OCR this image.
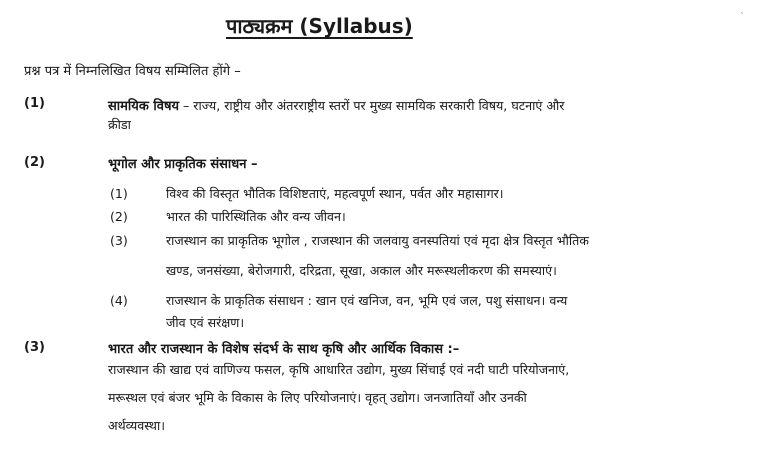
`
पाठ्यक्रम (Syllabus)
प्रश्न पत्र में निम्नलिखित विषय सम्मिलित होंगे –
(1)	सामयिक विषय – राज्य, राष्ट्रीय और अंतरराष्ट्रीय स्तरों पर मुख्य सामयिक सरकारी विषय, घटनाएं और
क्रीडा
(2)	भूगोल और प्राकृतिक संसाधन –
(1)	विश्व की विस्तृत भौतिक विशिष्टताएं, महत्वपूर्ण स्थान, पर्वत और महासागर।
(2)	भारत की पारिस्थितिक और वन्य जीवन।
(3)	राजस्थान का प्राकृतिक भूगोल , राजस्थान की जलवायु वनस्पतियां एवं मृदा क्षेत्र विस्तृत भौतिक
खण्ड, जनसंख्या, बेरोजगारी, दरिद्रता, सूखा, अकाल और मरूस्थलीकरण की समस्याएं।
(4)	राजस्थान के प्राकृतिक संसाधन : खान एवं खनिज, वन, भूमि एवं जल, पशु संसाधन। वन्य
जीव एवं सरंक्षण।
(3)	भारत और राजस्थान के विशेष संदर्भ के साथ कृषि और आर्थिक विकास :–
राजस्थान की खाद्य एवं वाणिज्य फसल, कृषि आधारित उद्योग, मुख्य सिंचाई एवं नदी घाटी परियोजनाएं,
मरूस्थल एवं बंजर भूमि के विकास के लिए परियोजनाएं। वृहत् उद्योग। जनजातियाँ और उनकी
अर्थव्यवस्था।
